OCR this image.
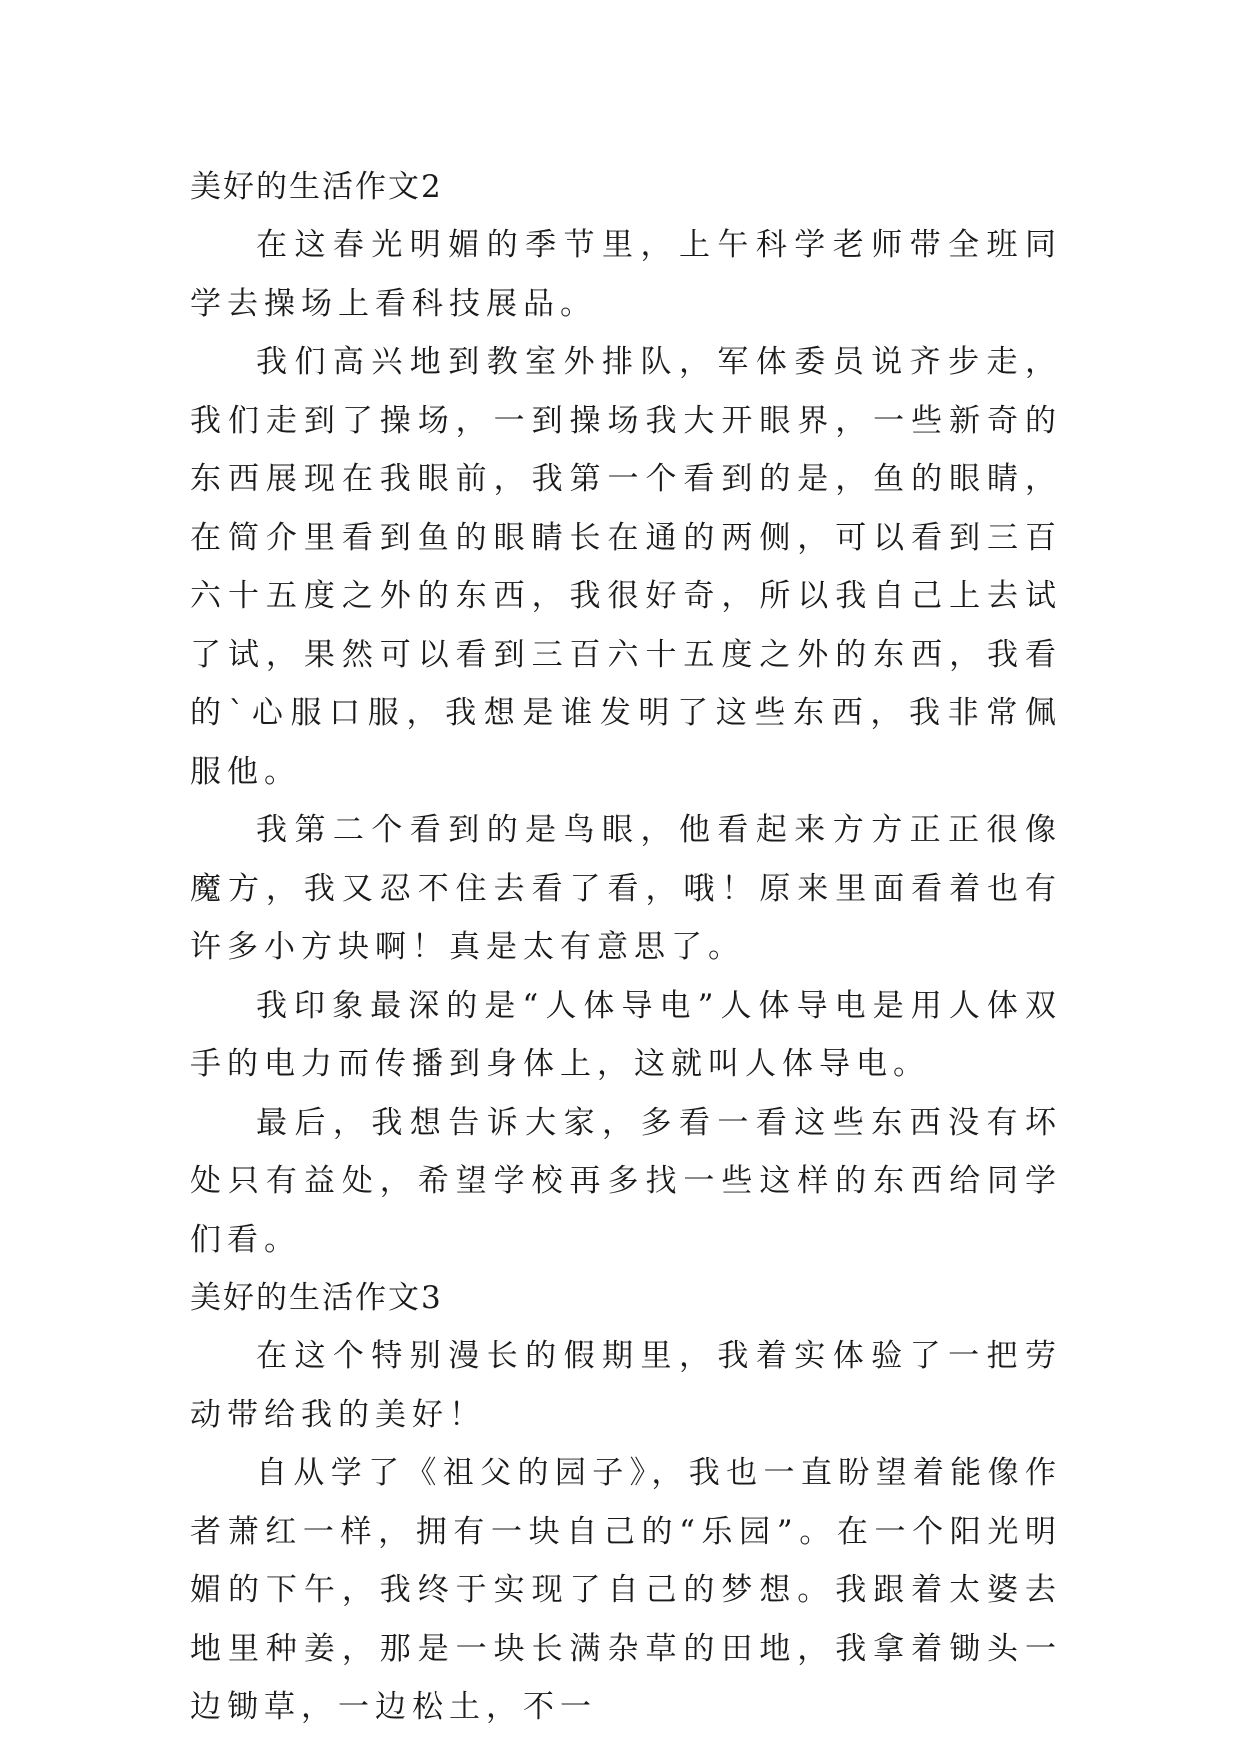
美好的生活作文2

在这春光明媚的季节里，上午科学老师带全班同学去操场上看科技展品。

我们高兴地到教室外排队，军体委员说齐步走，我们走到了操场，一到操场我大开眼界，一些新奇的东西展现在我眼前，我第一个看到的是，鱼的眼睛，在简介里看到鱼的眼睛长在通的两侧，可以看到三百六十五度之外的东西，我很好奇，所以我自己上去试了试，果然可以看到三百六十五度之外的东西，我看的`心服口服，我想是谁发明了这些东西，我非常佩服他。

我第二个看到的是鸟眼，他看起来方方正正很像魔方，我又忍不住去看了看，哦！原来里面看着也有许多小方块啊！真是太有意思了。

我印象最深的是“人体导电”人体导电是用人体双手的电力而传播到身体上，这就叫人体导电。

最后，我想告诉大家，多看一看这些东西没有坏处只有益处，希望学校再多找一些这样的东西给同学们看。

美好的生活作文3

在这个特别漫长的假期里，我着实体验了一把劳动带给我的美好！

自从学了《祖父的园子》，我也一直盼望着能像作者萧红一样，拥有一块自己的“乐园”。在一个阳光明媚的下午，我终于实现了自己的梦想。我跟着太婆去地里种姜，那是一块长满杂草的田地，我拿着锄头一边锄草，一边松土，不一
